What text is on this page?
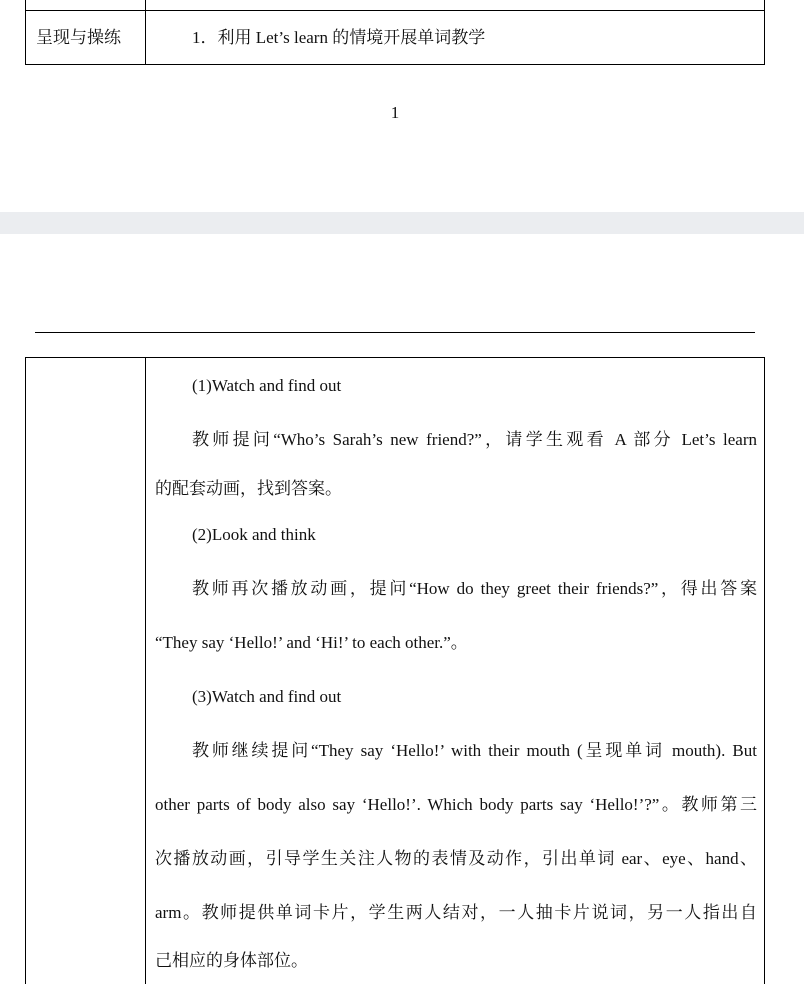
呈现与操练	1．利用 Let’s learn 的情境开展单词教学
1
(1)Watch and find out
教师提问“Who’s Sarah’s new friend?”，请学生观看 A 部分 Let’s learn
的配套动画，找到答案。
(2)Look and think
教师再次播放动画，提问“How do they greet their friends?”，得出答案
“They say ‘Hello!’ and ‘Hi!’ to each other.”。
(3)Watch and find out
教师继续提问“They say ‘Hello!’ with their mouth (呈现单词 mouth). But
other parts of body also say ‘Hello!’. Which body parts say ‘Hello!’?”。教师第三
次播放动画，引导学生关注人物的表情及动作，引出单词 ear、eye、hand、
arm。教师提供单词卡片，学生两人结对，一人抽卡片说词，另一人指出自
己相应的身体部位。
